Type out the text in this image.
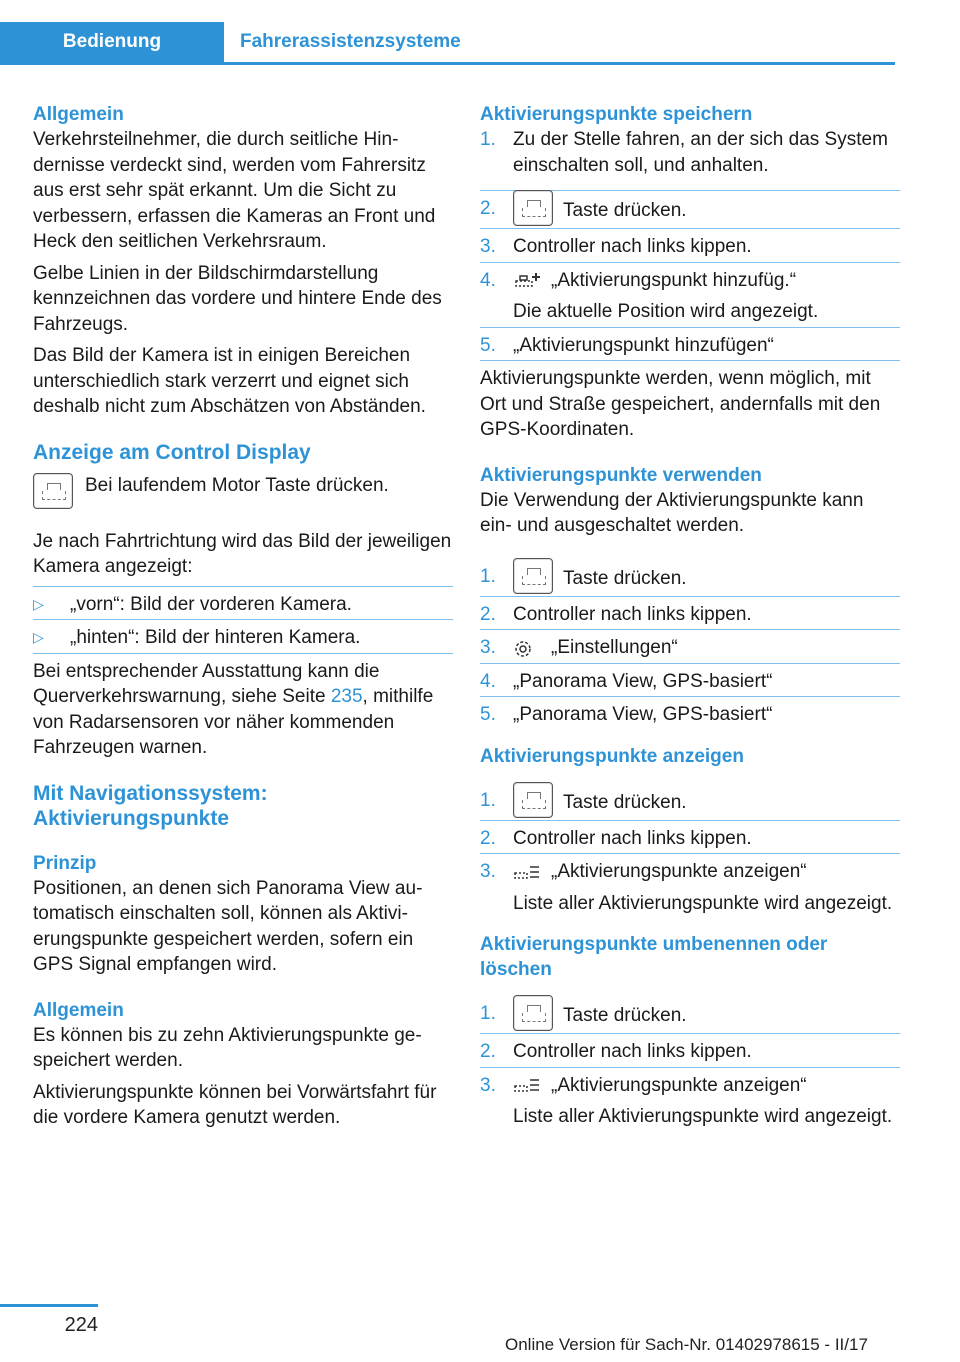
Bedienung	Fahrerassistenzsysteme
Allgemein

Verkehrsteilnehmer, die durch seitliche Hindernisse verdeckt sind, werden vom Fahrersitz aus erst sehr spät erkannt. Um die Sicht zu verbessern, erfassen die Kameras an Front und Heck den seitlichen Verkehrsraum.

Gelbe Linien in der Bildschirmdarstellung kennzeichnen das vordere und hintere Ende des Fahrzeugs.

Das Bild der Kamera ist in einigen Bereichen unterschiedlich stark verzerrt und eignet sich deshalb nicht zum Abschätzen von Abständen.

Anzeige am Control Display
Bei laufendem Motor Taste drücken.

Je nach Fahrtrichtung wird das Bild der jeweiligen Kamera angezeigt:

▷ „vorn“: Bild der vorderen Kamera.
▷ „hinten“: Bild der hinteren Kamera.

Bei entsprechender Ausstattung kann die Querverkehrswarnung, siehe Seite 235, mithilfe von Radarsensoren vor näher kommenden Fahrzeugen warnen.

Mit Navigationssystem: Aktivierungspunkte
Prinzip

Positionen, an denen sich Panorama View automatisch einschalten soll, können als Aktivierungspunkte gespeichert werden, sofern ein GPS Signal empfangen wird.

Allgemein

Es können bis zu zehn Aktivierungspunkte gespeichert werden.

Aktivierungspunkte können bei Vorwärtsfahrt für die vordere Kamera genutzt werden.

Aktivierungspunkte speichern
1. Zu der Stelle fahren, an der sich das System einschalten soll, und anhalten.
2.	Taste drücken.
3. Controller nach links kippen.
4.	„Aktivierungspunkt hinzufüg.“
Die aktuelle Position wird angezeigt.
5. „Aktivierungspunkt hinzufügen“

Aktivierungspunkte werden, wenn möglich, mit Ort und Straße gespeichert, andernfalls mit den GPS-Koordinaten.

Aktivierungspunkte verwenden

Die Verwendung der Aktivierungspunkte kann ein- und ausgeschaltet werden.

1.	Taste drücken.
2. Controller nach links kippen.
3.	„Einstellungen“
4. „Panorama View, GPS-basiert“
5. „Panorama View, GPS-basiert“
Aktivierungspunkte anzeigen
1.	Taste drücken.
2. Controller nach links kippen.
3.	„Aktivierungspunkte anzeigen“
Liste aller Aktivierungspunkte wird angezeigt.
Aktivierungspunkte umbenennen oder löschen
1.	Taste drücken.
2. Controller nach links kippen.
3.	„Aktivierungspunkte anzeigen“
Liste aller Aktivierungspunkte wird angezeigt.
224
Online Version für Sach-Nr. 01402978615 - II/17
